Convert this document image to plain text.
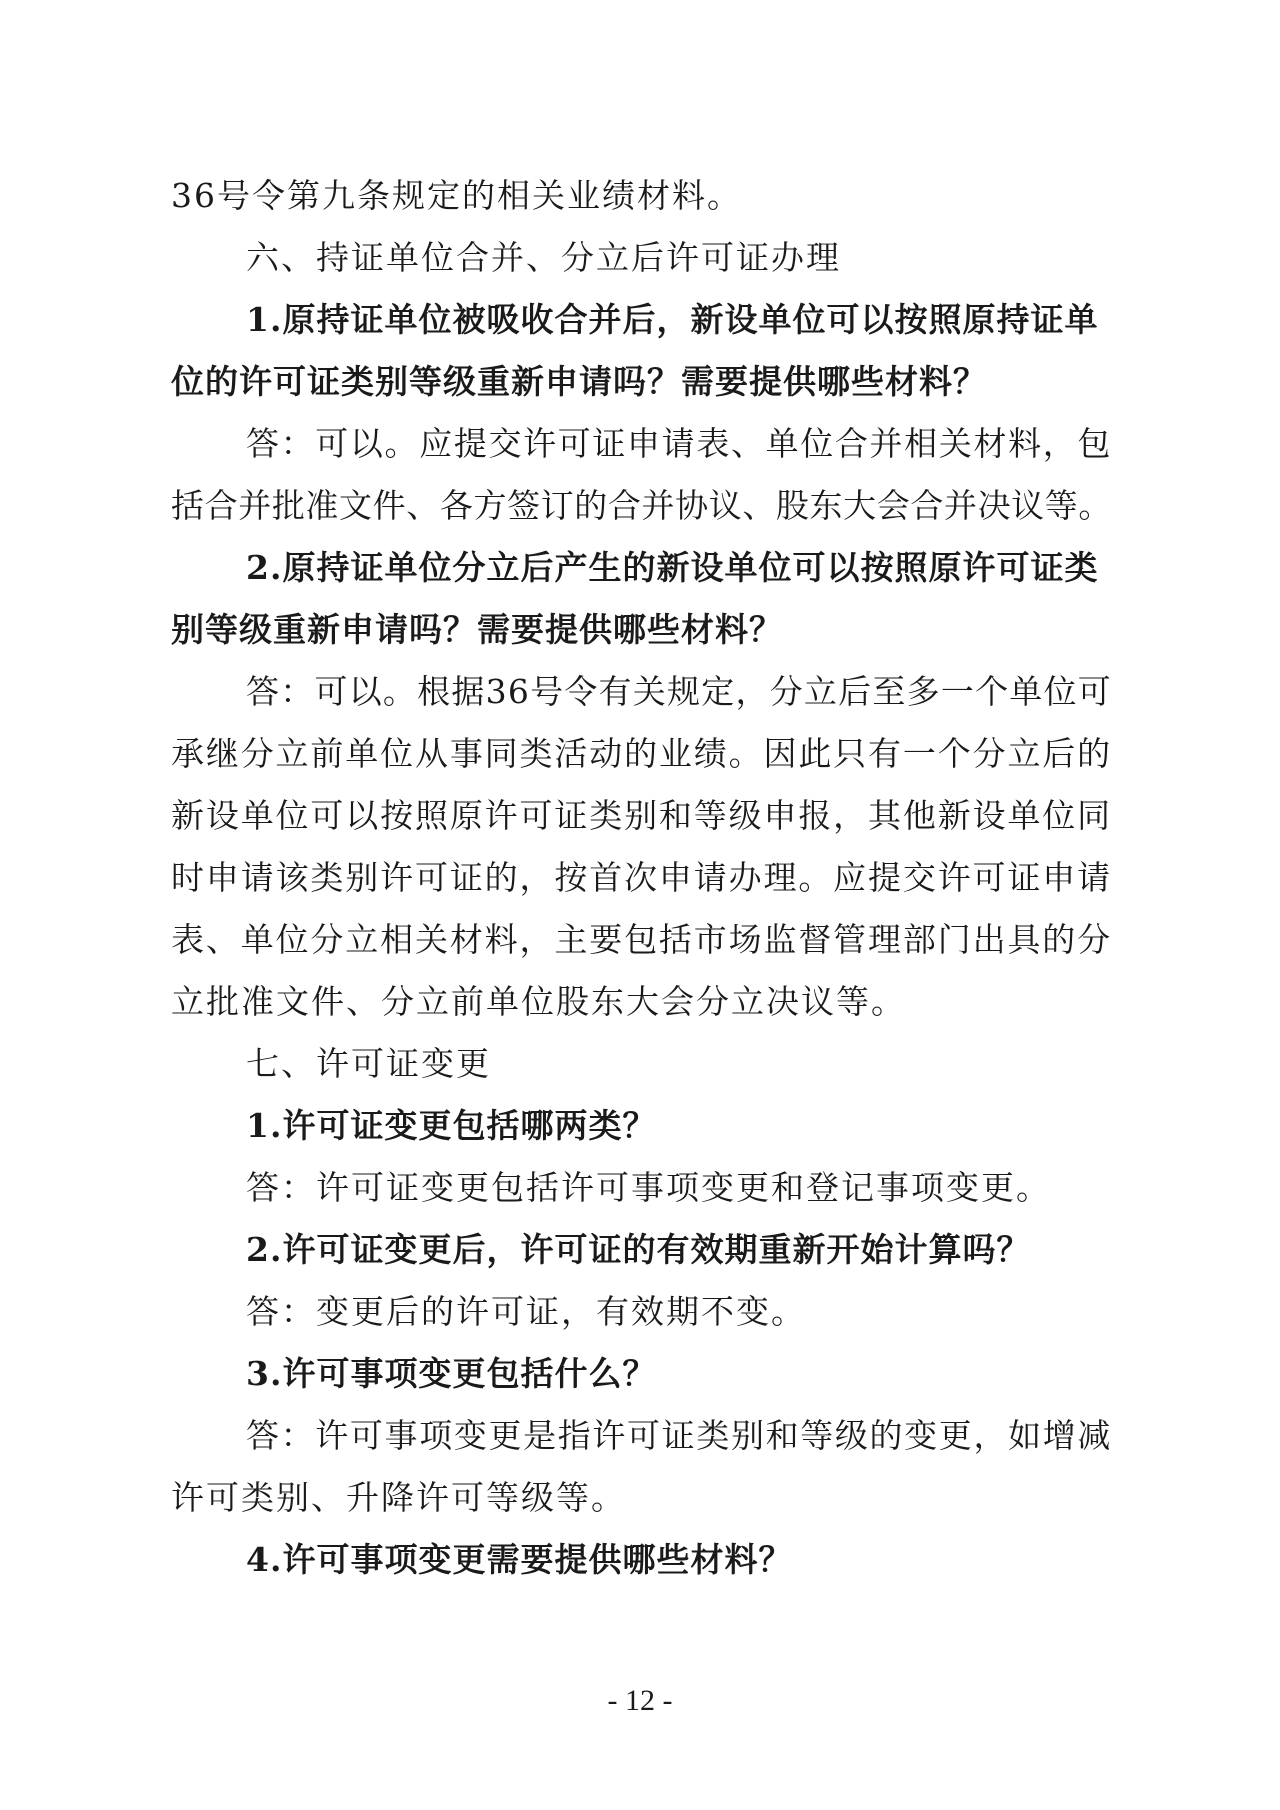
36号令第九条规定的相关业绩材料。
六、持证单位合并、分立后许可证办理
1.原持证单位被吸收合并后，新设单位可以按照原持证单
位的许可证类别等级重新申请吗？需要提供哪些材料？
答：可以。应提交许可证申请表、单位合并相关材料，包
括合并批准文件、各方签订的合并协议、股东大会合并决议等。
2.原持证单位分立后产生的新设单位可以按照原许可证类
别等级重新申请吗？需要提供哪些材料？
答：可以。根据36号令有关规定，分立后至多一个单位可
承继分立前单位从事同类活动的业绩。因此只有一个分立后的
新设单位可以按照原许可证类别和等级申报，其他新设单位同
时申请该类别许可证的，按首次申请办理。应提交许可证申请
表、单位分立相关材料，主要包括市场监督管理部门出具的分
立批准文件、分立前单位股东大会分立决议等。
七、许可证变更
1.许可证变更包括哪两类？
答：许可证变更包括许可事项变更和登记事项变更。
2.许可证变更后，许可证的有效期重新开始计算吗？
答：变更后的许可证，有效期不变。
3.许可事项变更包括什么？
答：许可事项变更是指许可证类别和等级的变更，如增减
许可类别、升降许可等级等。
4.许可事项变更需要提供哪些材料？
- 12 -
